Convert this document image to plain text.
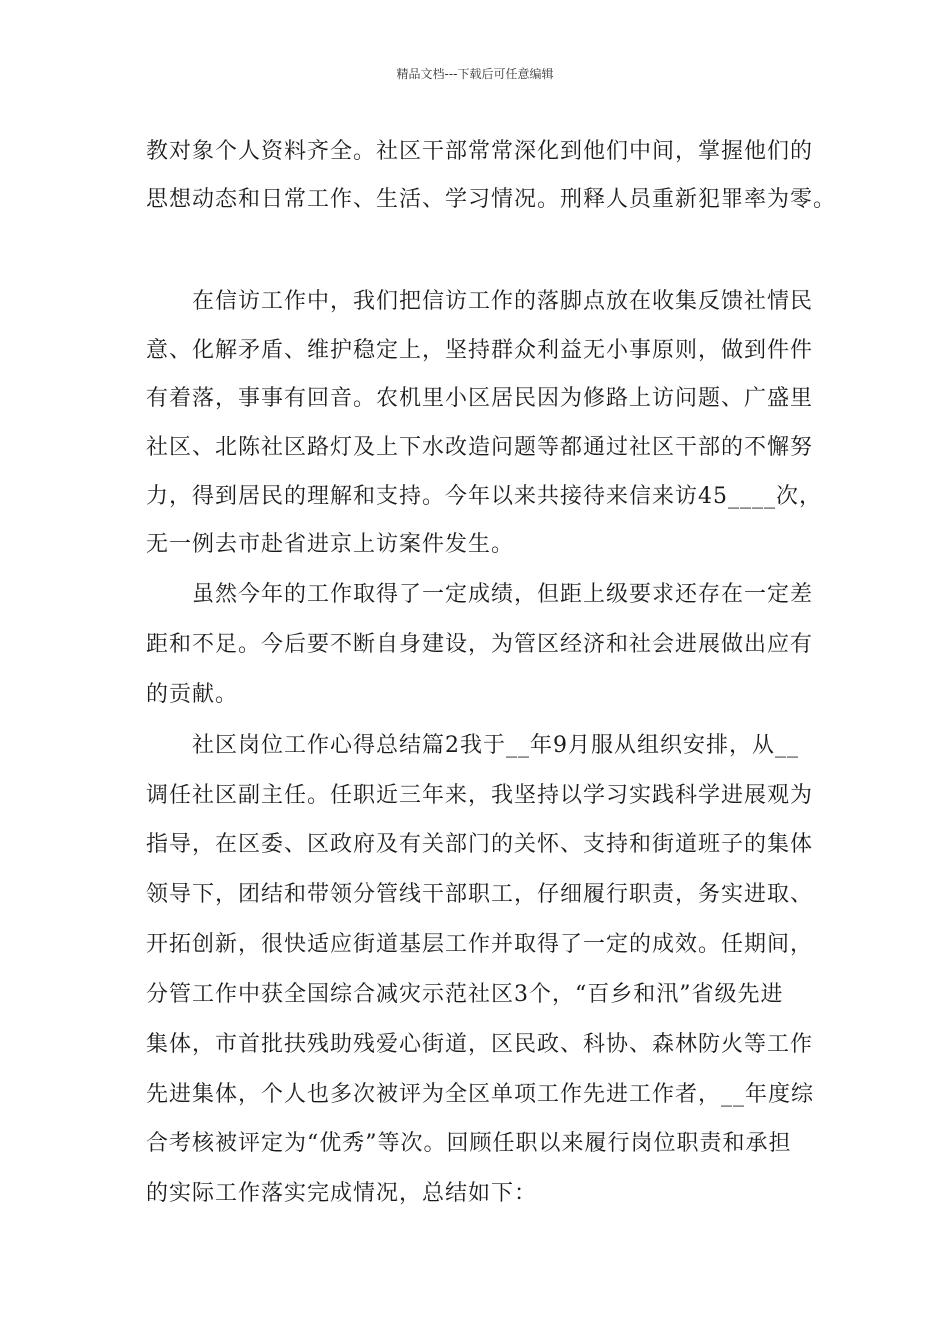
精品文档---下载后可任意编辑
教对象个人资料齐全。社区干部常常深化到他们中间，掌握他们的
思想动态和日常工作、生活、学习情况。刑释人员重新犯罪率为零。
在信访工作中，我们把信访工作的落脚点放在收集反馈社情民
意、化解矛盾、维护稳定上，坚持群众利益无小事原则，做到件件
有着落，事事有回音。农机里小区居民因为修路上访问题、广盛里
社区、北陈社区路灯及上下水改造问题等都通过社区干部的不懈努
力，得到居民的理解和支持。今年以来共接待来信来访45____次，
无一例去市赴省进京上访案件发生。
虽然今年的工作取得了一定成绩，但距上级要求还存在一定差
距和不足。今后要不断自身建设，为管区经济和社会进展做出应有
的贡献。
社区岗位工作心得总结篇2我于__年9月服从组织安排，从__
调任社区副主任。任职近三年来，我坚持以学习实践科学进展观为
指导，在区委、区政府及有关部门的关怀、支持和街道班子的集体
领导下，团结和带领分管线干部职工，仔细履行职责，务实进取、
开拓创新，很快适应街道基层工作并取得了一定的成效。任期间，
分管工作中获全国综合减灾示范社区3个，“百乡和汛”省级先进
集体，市首批扶残助残爱心街道，区民政、科协、森林防火等工作
先进集体，个人也多次被评为全区单项工作先进工作者，__年度综
合考核被评定为“优秀”等次。回顾任职以来履行岗位职责和承担
的实际工作落实完成情况，总结如下：
